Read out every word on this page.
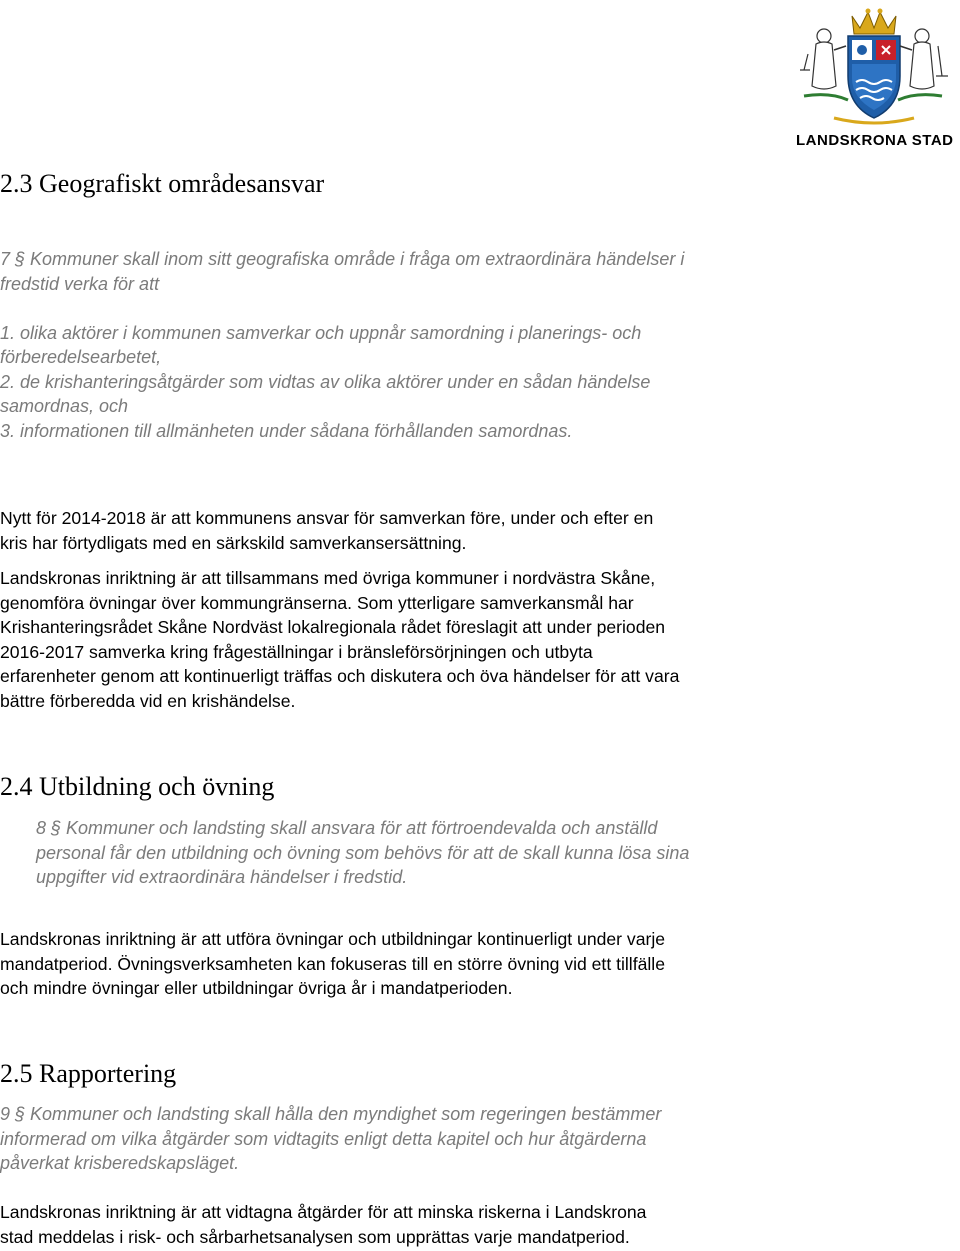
LANDSKRONA STAD
2.3 Geografiskt områdesansvar
7 § Kommuner skall inom sitt geografiska område i fråga om extraordinära händelser i
fredstid verka för att

1. olika aktörer i kommunen samverkar och uppnår samordning i planerings- och
förberedelsearbetet,
2. de krishanteringsåtgärder som vidtas av olika aktörer under en sådan händelse
samordnas, och
3. informationen till allmänheten under sådana förhållanden samordnas.
Nytt för 2014-2018 är att kommunens ansvar för samverkan före, under och efter en
kris har förtydligats med en särkskild samverkansersättning.
Landskronas inriktning är att tillsammans med övriga kommuner i nordvästra Skåne,
genomföra övningar över kommungränserna. Som ytterligare samverkansmål har
Krishanteringsrådet Skåne Nordväst lokalregionala rådet föreslagit att under perioden
2016-2017 samverka kring frågeställningar i bränsleförsörjningen och utbyta
erfarenheter genom att kontinuerligt träffas och diskutera och öva händelser för att vara
bättre förberedda vid en krishändelse.
2.4 Utbildning och övning
8 § Kommuner och landsting skall ansvara för att förtroendevalda och anställd
personal får den utbildning och övning som behövs för att de skall kunna lösa sina
uppgifter vid extraordinära händelser i fredstid.
Landskronas inriktning är att utföra övningar och utbildningar kontinuerligt under varje
mandatperiod. Övningsverksamheten kan fokuseras till en större övning vid ett tillfälle
och mindre övningar eller utbildningar övriga år i mandatperioden.
2.5 Rapportering
9 § Kommuner och landsting skall hålla den myndighet som regeringen bestämmer
informerad om vilka åtgärder som vidtagits enligt detta kapitel och hur åtgärderna
påverkat krisberedskapsläget.
Landskronas inriktning är att vidtagna åtgärder för att minska riskerna i Landskrona
stad meddelas i risk- och sårbarhetsanalysen som upprättas varje mandatperiod.
